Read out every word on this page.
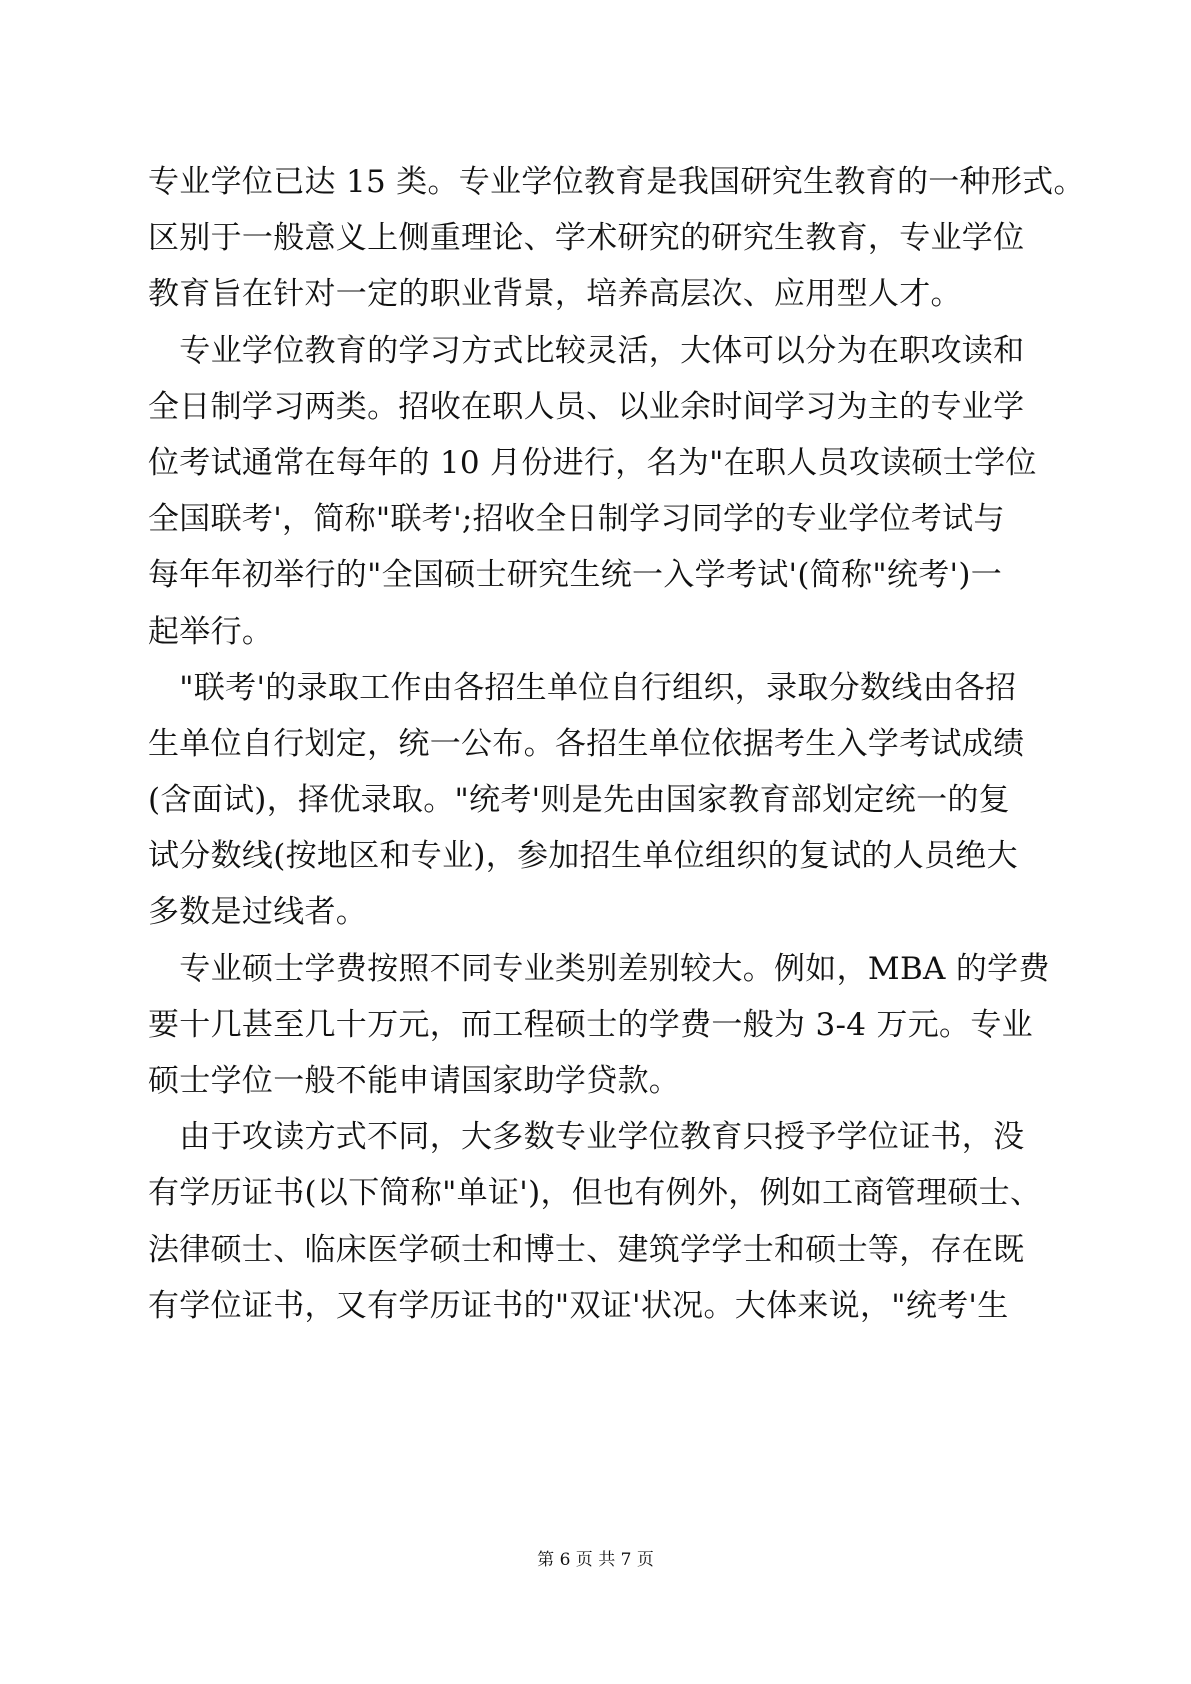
专业学位已达 15 类。专业学位教育是我国研究生教育的一种形式。
区别于一般意义上侧重理论、学术研究的研究生教育，专业学位
教育旨在针对一定的职业背景，培养高层次、应用型人才。
　专业学位教育的学习方式比较灵活，大体可以分为在职攻读和
全日制学习两类。招收在职人员、以业余时间学习为主的专业学
位考试通常在每年的 10 月份进行，名为"在职人员攻读硕士学位
全国联考'，简称"联考';招收全日制学习同学的专业学位考试与
每年年初举行的"全国硕士研究生统一入学考试'(简称"统考')一
起举行。
　"联考'的录取工作由各招生单位自行组织，录取分数线由各招
生单位自行划定，统一公布。各招生单位依据考生入学考试成绩
(含面试)，择优录取。"统考'则是先由国家教育部划定统一的复
试分数线(按地区和专业)，参加招生单位组织的复试的人员绝大
多数是过线者。
　专业硕士学费按照不同专业类别差别较大。例如，MBA 的学费
要十几甚至几十万元，而工程硕士的学费一般为 3-4 万元。专业
硕士学位一般不能申请国家助学贷款。
　由于攻读方式不同，大多数专业学位教育只授予学位证书，没
有学历证书(以下简称"单证')，但也有例外，例如工商管理硕士、
法律硕士、临床医学硕士和博士、建筑学学士和硕士等，存在既
有学位证书，又有学历证书的"双证'状况。大体来说，"统考'生
第 6 页 共 7 页
